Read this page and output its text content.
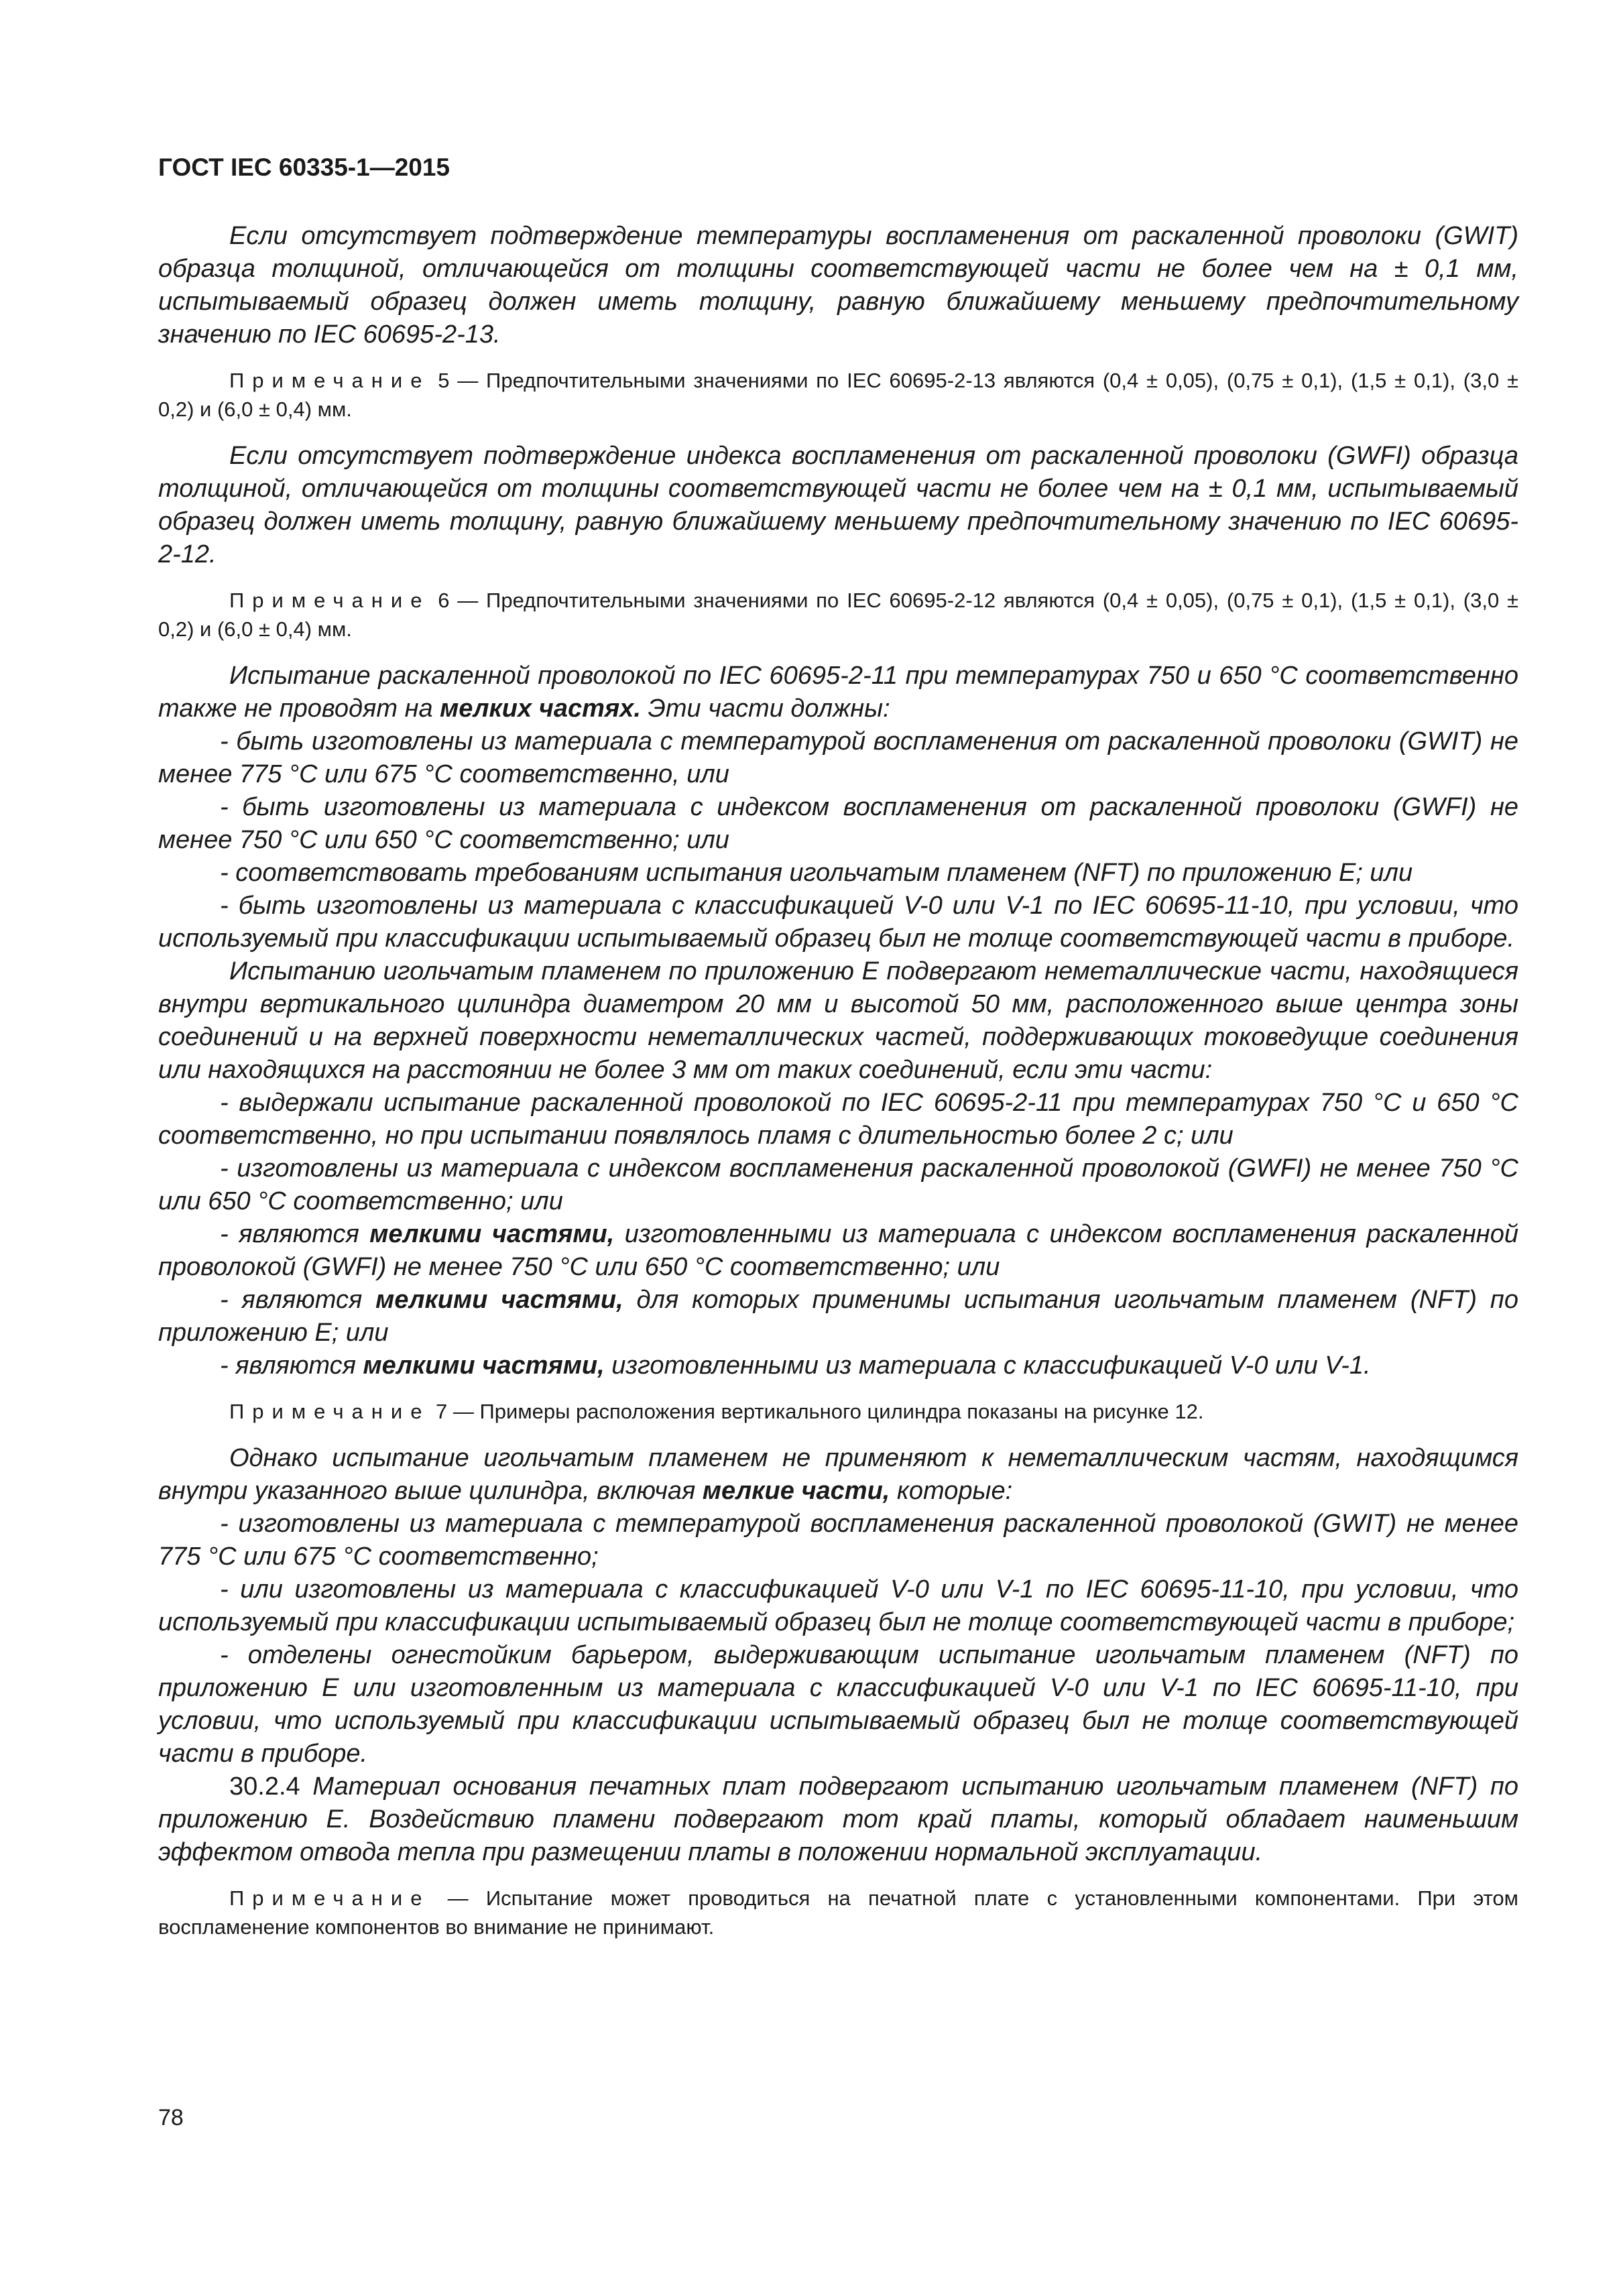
ГОСТ IEC 60335-1—2015

Если отсутствует подтверждение температуры воспламенения от раскаленной проволоки (GWIT) образца толщиной, отличающейся от толщины соответствующей части не более чем на ± 0,1 мм, испытываемый образец должен иметь толщину, равную ближайшему меньшему предпочтительному значению по IEC 60695-2-13.

Примечание 5 — Предпочтительными значениями по IEC 60695-2-13 являются (0,4 ± 0,05), (0,75 ± 0,1), (1,5 ± 0,1), (3,0 ± 0,2) и (6,0 ± 0,4) мм.

Если отсутствует подтверждение индекса воспламенения от раскаленной проволоки (GWFI) образца толщиной, отличающейся от толщины соответствующей части не более чем на ± 0,1 мм, испытываемый образец должен иметь толщину, равную ближайшему меньшему предпочтительному значению по IEC 60695-2-12.

Примечание 6 — Предпочтительными значениями по IEC 60695-2-12 являются (0,4 ± 0,05), (0,75 ± 0,1), (1,5 ± 0,1), (3,0 ± 0,2) и (6,0 ± 0,4) мм.

Испытание раскаленной проволокой по IEC 60695-2-11 при температурах 750 и 650 °С соответственно также не проводят на мелких частях. Эти части должны:

- быть изготовлены из материала с температурой воспламенения от раскаленной проволоки (GWIT) не менее 775 °С или 675 °С соответственно, или

- быть изготовлены из материала с индексом воспламенения от раскаленной проволоки (GWFI) не менее 750 °С или 650 °С соответственно; или

- соответствовать требованиям испытания игольчатым пламенем (NFT) по приложению E; или

- быть изготовлены из материала с классификацией V-0 или V-1 по IEC 60695-11-10, при условии, что используемый при классификации испытываемый образец был не толще соответствующей части в приборе.

Испытанию игольчатым пламенем по приложению E подвергают неметаллические части, находящиеся внутри вертикального цилиндра диаметром 20 мм и высотой 50 мм, расположенного выше центра зоны соединений и на верхней поверхности неметаллических частей, поддерживающих токоведущие соединения или находящихся на расстоянии не более 3 мм от таких соединений, если эти части:

- выдержали испытание раскаленной проволокой по IEC 60695-2-11 при температурах 750 °С и 650 °С соответственно, но при испытании появлялось пламя с длительностью более 2 с; или

- изготовлены из материала с индексом воспламенения раскаленной проволокой (GWFI) не менее 750 °С или 650 °С соответственно; или

- являются мелкими частями, изготовленными из материала с индексом воспламенения раскаленной проволокой (GWFI) не менее 750 °С или 650 °С соответственно; или

- являются мелкими частями, для которых применимы испытания игольчатым пламенем (NFT) по приложению E; или

- являются мелкими частями, изготовленными из материала с классификацией V-0 или V-1.

Примечание 7 — Примеры расположения вертикального цилиндра показаны на рисунке 12.

Однако испытание игольчатым пламенем не применяют к неметаллическим частям, находящимся внутри указанного выше цилиндра, включая мелкие части, которые:

- изготовлены из материала с температурой воспламенения раскаленной проволокой (GWIT) не менее 775 °С или 675 °С соответственно;

- или изготовлены из материала с классификацией V-0 или V-1 по IEC 60695-11-10, при условии, что используемый при классификации испытываемый образец был не толще соответствующей части в приборе;

- отделены огнестойким барьером, выдерживающим испытание игольчатым пламенем (NFT) по приложению E или изготовленным из материала с классификацией V-0 или V-1 по IEC 60695-11-10, при условии, что используемый при классификации испытываемый образец был не толще соответствующей части в приборе.

30.2.4 Материал основания печатных плат подвергают испытанию игольчатым пламенем (NFT) по приложению E. Воздействию пламени подвергают тот край платы, который обладает наименьшим эффектом отвода тепла при размещении платы в положении нормальной эксплуатации.

Примечание — Испытание может проводиться на печатной плате с установленными компонентами. При этом воспламенение компонентов во внимание не принимают.

78
